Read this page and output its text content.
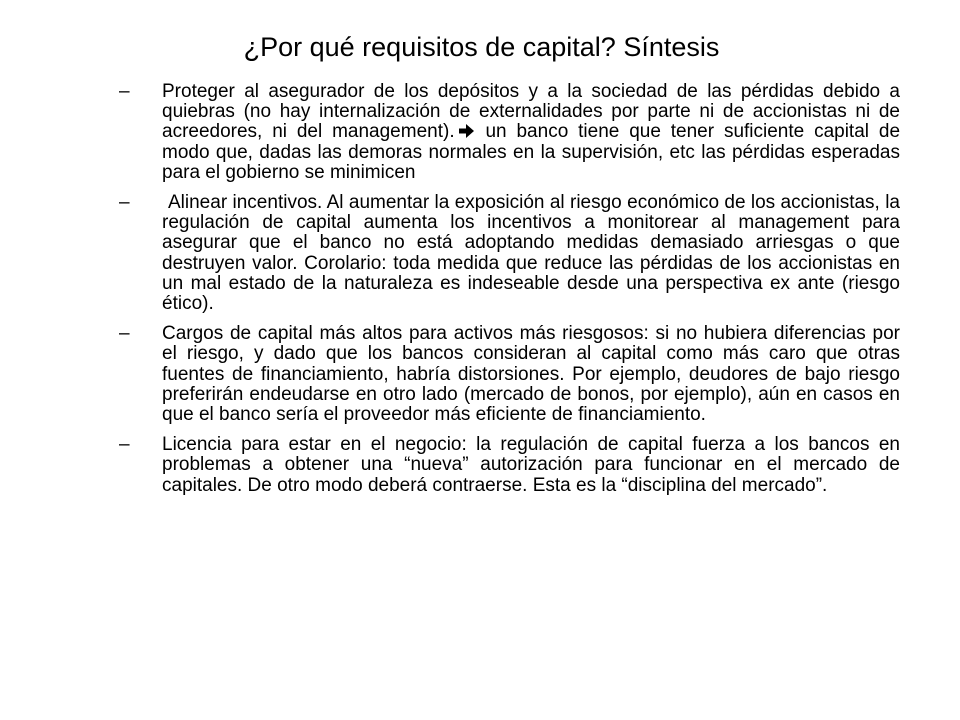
¿Por qué requisitos de capital? Síntesis
– Proteger al asegurador de los depósitos y a la sociedad de las pérdidas debido a quiebras (no hay internalización de externalidades por parte ni de accionistas ni de acreedores, ni del management). un banco tiene que tener suficiente capital de modo que, dadas las demoras normales en la supervisión, etc las pérdidas esperadas para el gobierno se minimicen
–	Alinear incentivos. Al aumentar la exposición al riesgo económico de los accionistas, la regulación de capital aumenta los incentivos a monitorear al management para asegurar que el banco no está adoptando medidas demasiado arriesgas o que destruyen valor. Corolario: toda medida que reduce las pérdidas de los accionistas en un mal estado de la naturaleza es indeseable desde una perspectiva ex ante (riesgo ético).
– Cargos de capital más altos para activos más riesgosos: si no hubiera diferencias por el riesgo, y dado que los bancos consideran al capital como más caro que otras fuentes de financiamiento, habría distorsiones. Por ejemplo, deudores de bajo riesgo preferirán endeudarse en otro lado (mercado de bonos, por ejemplo), aún en casos en que el banco sería el proveedor más eficiente de financiamiento.
– Licencia para estar en el negocio: la regulación de capital fuerza a los bancos en problemas a obtener una “nueva” autorización para funcionar en el mercado de capitales. De otro modo deberá contraerse. Esta es la “disciplina del mercado”.
